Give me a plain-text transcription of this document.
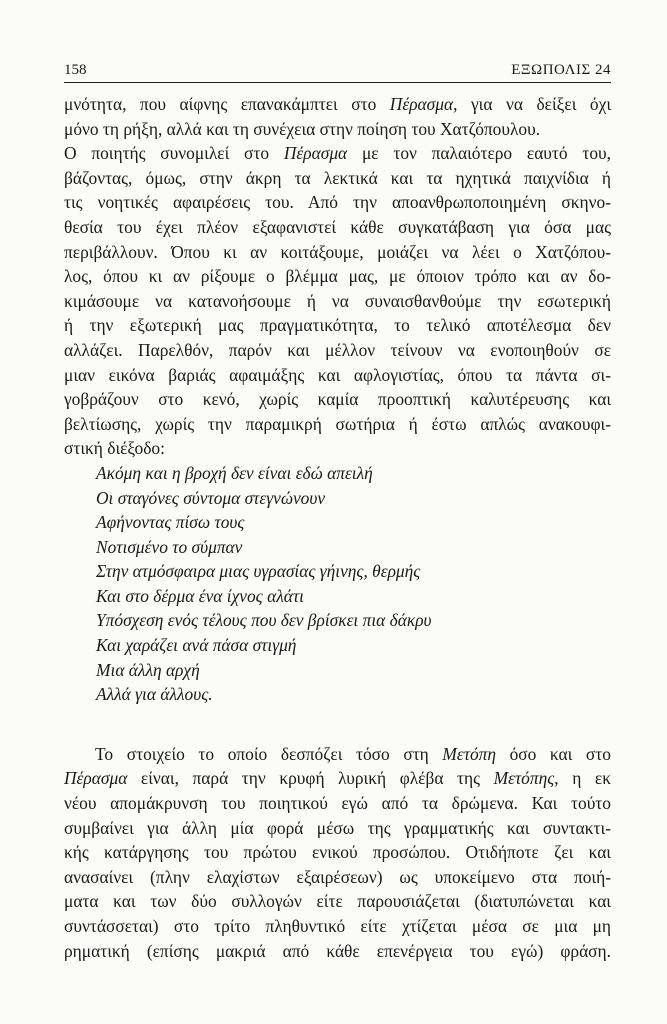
158	ΕΞΩΠΟΛΙΣ 24
μνότητα, που αίφνης επανακάμπτει στο Πέρασμα, για να δείξει όχι
μόνο τη ρήξη, αλλά και τη συνέχεια στην ποίηση του Χατζόπουλου.
Ο ποιητής συνομιλεί στο Πέρασμα με τον παλαιότερο εαυτό του,
βάζοντας, όμως, στην άκρη τα λεκτικά και τα ηχητικά παιχνίδια ή
τις νοητικές αφαιρέσεις του. Από την αποανθρωποποιημένη σκηνο-
θεσία του έχει πλέον εξαφανιστεί κάθε συγκατάβαση για όσα μας
περιβάλλουν. Όπου κι αν κοιτάξουμε, μοιάζει να λέει ο Χατζόπου-
λος, όπου κι αν ρίξουμε ο βλέμμα μας, με όποιον τρόπο και αν δο-
κιμάσουμε να κατανοήσουμε ή να συναισθανθούμε την εσωτερική
ή την εξωτερική μας πραγματικότητα, το τελικό αποτέλεσμα δεν
αλλάζει. Παρελθόν, παρόν και μέλλον τείνουν να ενοποιηθούν σε
μιαν εικόνα βαριάς αφαιμάξης και αφλογιστίας, όπου τα πάντα σι-
γοβράζουν στο κενό, χωρίς καμία προοπτική καλυτέρευσης και
βελτίωσης, χωρίς την παραμικρή σωτήρια ή έστω απλώς ανακουφι-
στική διέξοδο:
Ακόμη και η βροχή δεν είναι εδώ απειλή
Οι σταγόνες σύντομα στεγνώνουν
Αφήνοντας πίσω τους
Νοτισμένο το σύμπαν
Στην ατμόσφαιρα μιας υγρασίας γήινης, θερμής
Και στο δέρμα ένα ίχνος αλάτι
Υπόσχεση ενός τέλους που δεν βρίσκει πια δάκρυ
Και χαράζει ανά πάσα στιγμή
Μια άλλη αρχή
Αλλά για άλλους.
Το στοιχείο το οποίο δεσπόζει τόσο στη Μετόπη όσο και στο
Πέρασμα είναι, παρά την κρυφή λυρική φλέβα της Μετόπης, η εκ
νέου απομάκρυνση του ποιητικού εγώ από τα δρώμενα. Και τούτο
συμβαίνει για άλλη μία φορά μέσω της γραμματικής και συντακτι-
κής κατάργησης του πρώτου ενικού προσώπου. Οτιδήποτε ζει και
ανασαίνει (πλην ελαχίστων εξαιρέσεων) ως υποκείμενο στα ποιή-
ματα και των δύο συλλογών είτε παρουσιάζεται (διατυπώνεται και
συντάσσεται) στο τρίτο πληθυντικό είτε χτίζεται μέσα σε μια μη
ρηματική (επίσης μακριά από κάθε επενέργεια του εγώ) φράση.
